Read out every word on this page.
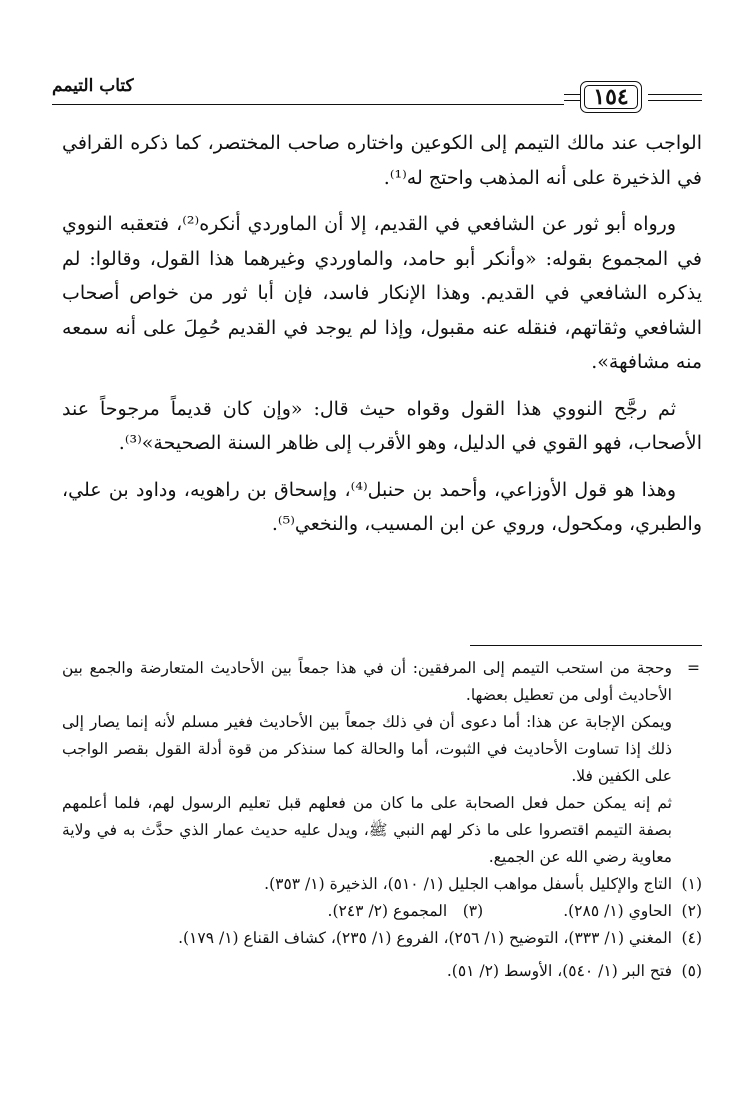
كتاب التيمم	١٥٤

الواجب عند مالك التيمم إلى الكوعين واختاره صاحب المختصر، كما ذكره القرافي في الذخيرة على أنه المذهب واحتج له⁽¹⁾.

ورواه أبو ثور عن الشافعي في القديم، إلا أن الماوردي أنكره⁽²⁾، فتعقبه النووي في المجموع بقوله: «وأنكر أبو حامد، والماوردي وغيرهما هذا القول، وقالوا: لم يذكره الشافعي في القديم. وهذا الإنكار فاسد، فإن أبا ثور من خواص أصحاب الشافعي وثقاتهم، فنقله عنه مقبول، وإذا لم يوجد في القديم حُمِلَ على أنه سمعه منه مشافهة».

ثم رجَّح النووي هذا القول وقواه حيث قال: «وإن كان قديماً مرجوحاً عند الأصحاب، فهو القوي في الدليل، وهو الأقرب إلى ظاهر السنة الصحيحة»⁽³⁾.

وهذا هو قول الأوزاعي، وأحمد بن حنبل⁽⁴⁾، وإسحاق بن راهويه، وداود بن علي، والطبري، ومكحول، وروي عن ابن المسيب، والنخعي⁽⁵⁾.

=
وحجة من استحب التيمم إلى المرفقين: أن في هذا جمعاً بين الأحاديث المتعارضة والجمع بين الأحاديث أولى من تعطيل بعضها.

ويمكن الإجابة عن هذا: أما دعوى أن في ذلك جمعاً بين الأحاديث فغير مسلم لأنه إنما يصار إلى ذلك إذا تساوت الأحاديث في الثبوت، أما والحالة كما سنذكر من قوة أدلة القول بقصر الواجب على الكفين فلا.

ثم إنه يمكن حمل فعل الصحابة على ما كان من فعلهم قبل تعليم الرسول لهم، فلما أعلمهم بصفة التيمم اقتصروا على ما ذكر لهم النبي ﷺ، ويدل عليه حديث عمار الذي حدَّث به في ولاية معاوية رضي الله عن الجميع.

(١)
التاج والإكليل بأسفل مواهب الجليل (١/ ٥١٠)، الذخيرة (١/ ٣٥٣).
(٢)
الحاوي (١/ ٢٨٥).
(٣)
المجموع (٢/ ٢٤٣).
(٤)
المغني (١/ ٣٣٣)، التوضيح (١/ ٢٥٦)، الفروع (١/ ٢٣٥)، كشاف القناع (١/ ١٧٩).
(٥)
فتح البر (١/ ٥٤٠)، الأوسط (٢/ ٥١).
